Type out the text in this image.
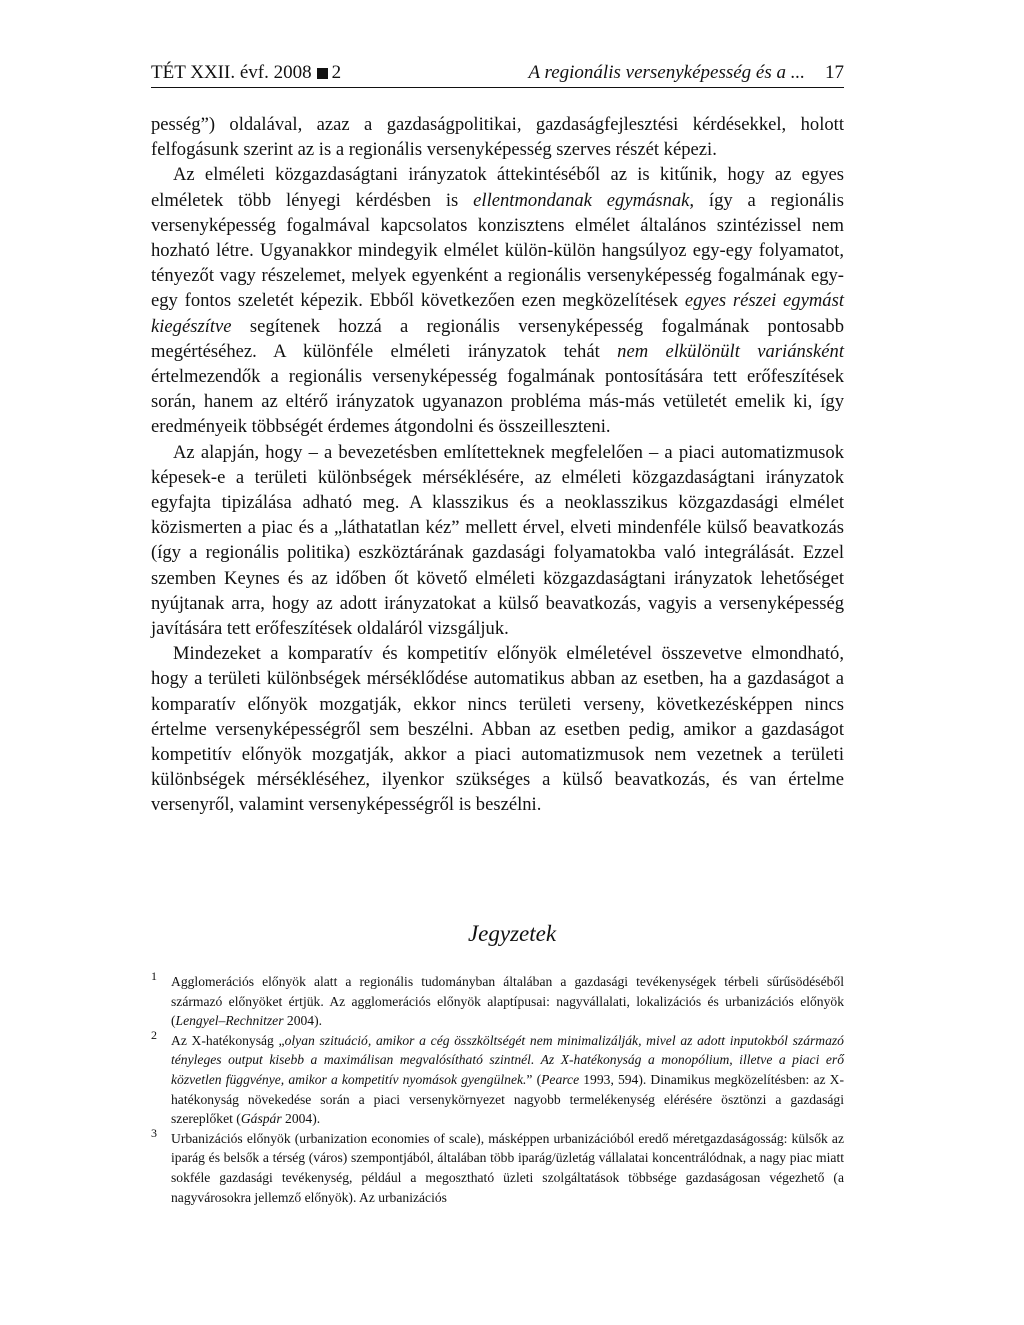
TÉT XXII. évf. 2008 2	A regionális versenyképesség és a ... 17

pesség”) oldalával, azaz a gazdaságpolitikai, gazdaságfejlesztési kérdésekkel, holott felfogásunk szerint az is a regionális versenyképesség szerves részét képezi.

Az elméleti közgazdaságtani irányzatok áttekintéséből az is kitűnik, hogy az egyes elméletek több lényegi kérdésben is ellentmondanak egymásnak, így a regionális versenyképesség fogalmával kapcsolatos konzisztens elmélet általános szintézissel nem hozható létre. Ugyanakkor mindegyik elmélet külön-külön hangsúlyoz egy-egy folyamatot, tényezőt vagy részelemet, melyek egyenként a regionális versenyképesség fogalmának egy-egy fontos szeletét képezik. Ebből következően ezen megközelítések egyes részei egymást kiegészítve segítenek hozzá a regionális versenyképesség fogalmának pontosabb megértéséhez. A különféle elméleti irányzatok tehát nem elkülönült variánsként értelmezendők a regionális versenyképesség fogalmának pontosítására tett erőfeszítések során, hanem az eltérő irányzatok ugyanazon probléma más-más vetületét emelik ki, így eredményeik többségét érdemes átgondolni és összeilleszteni.

Az alapján, hogy – a bevezetésben említetteknek megfelelően – a piaci automatizmusok képesek-e a területi különbségek mérséklésére, az elméleti közgazdaságtani irányzatok egyfajta tipizálása adható meg. A klasszikus és a neoklasszikus közgazdasági elmélet közismerten a piac és a „láthatatlan kéz” mellett érvel, elveti mindenféle külső beavatkozás (így a regionális politika) eszköztárának gazdasági folyamatokba való integrálását. Ezzel szemben Keynes és az időben őt követő elméleti közgazdaságtani irányzatok lehetőséget nyújtanak arra, hogy az adott irányzatokat a külső beavatkozás, vagyis a versenyképesség javítására tett erőfeszítések oldaláról vizsgáljuk.

Mindezeket a komparatív és kompetitív előnyök elméletével összevetve elmondható, hogy a területi különbségek mérséklődése automatikus abban az esetben, ha a gazdaságot a komparatív előnyök mozgatják, ekkor nincs területi verseny, következésképpen nincs értelme versenyképességről sem beszélni. Abban az esetben pedig, amikor a gazdaságot kompetitív előnyök mozgatják, akkor a piaci automatizmusok nem vezetnek a területi különbségek mérsékléséhez, ilyenkor szükséges a külső beavatkozás, és van értelme versenyről, valamint versenyképességről is beszélni.

Jegyzetek
1 Agglomerációs előnyök alatt a regionális tudományban általában a gazdasági tevékenységek térbeli sűrűsödéséből származó előnyöket értjük. Az agglomerációs előnyök alaptípusai: nagyvállalati, lokalizációs és urbanizációs előnyök (Lengyel–Rechnitzer 2004).
2 Az X-hatékonyság „olyan szituáció, amikor a cég összköltségét nem minimalizálják, mivel az adott inputokból származó tényleges output kisebb a maximálisan megvalósítható szintnél. Az X-hatékonyság a monopólium, illetve a piaci erő közvetlen függvénye, amikor a kompetitív nyomások gyengülnek.” (Pearce 1993, 594). Dinamikus megközelítésben: az X-hatékonyság növekedése során a piaci versenykörnyezet nagyobb termelékenység elérésére ösztönzi a gazdasági szereplőket (Gáspár 2004).
3 Urbanizációs előnyök (urbanization economies of scale), másképpen urbanizációból eredő méretgazdaságosság: külsők az iparág és belsők a térség (város) szempontjából, általában több iparág/üzletág vállalatai koncentrálódnak, a nagy piac miatt sokféle gazdasági tevékenység, például a megosztható üzleti szolgáltatások többsége gazdaságosan végezhető (a nagyvárosokra jellemző előnyök). Az urbanizációs
